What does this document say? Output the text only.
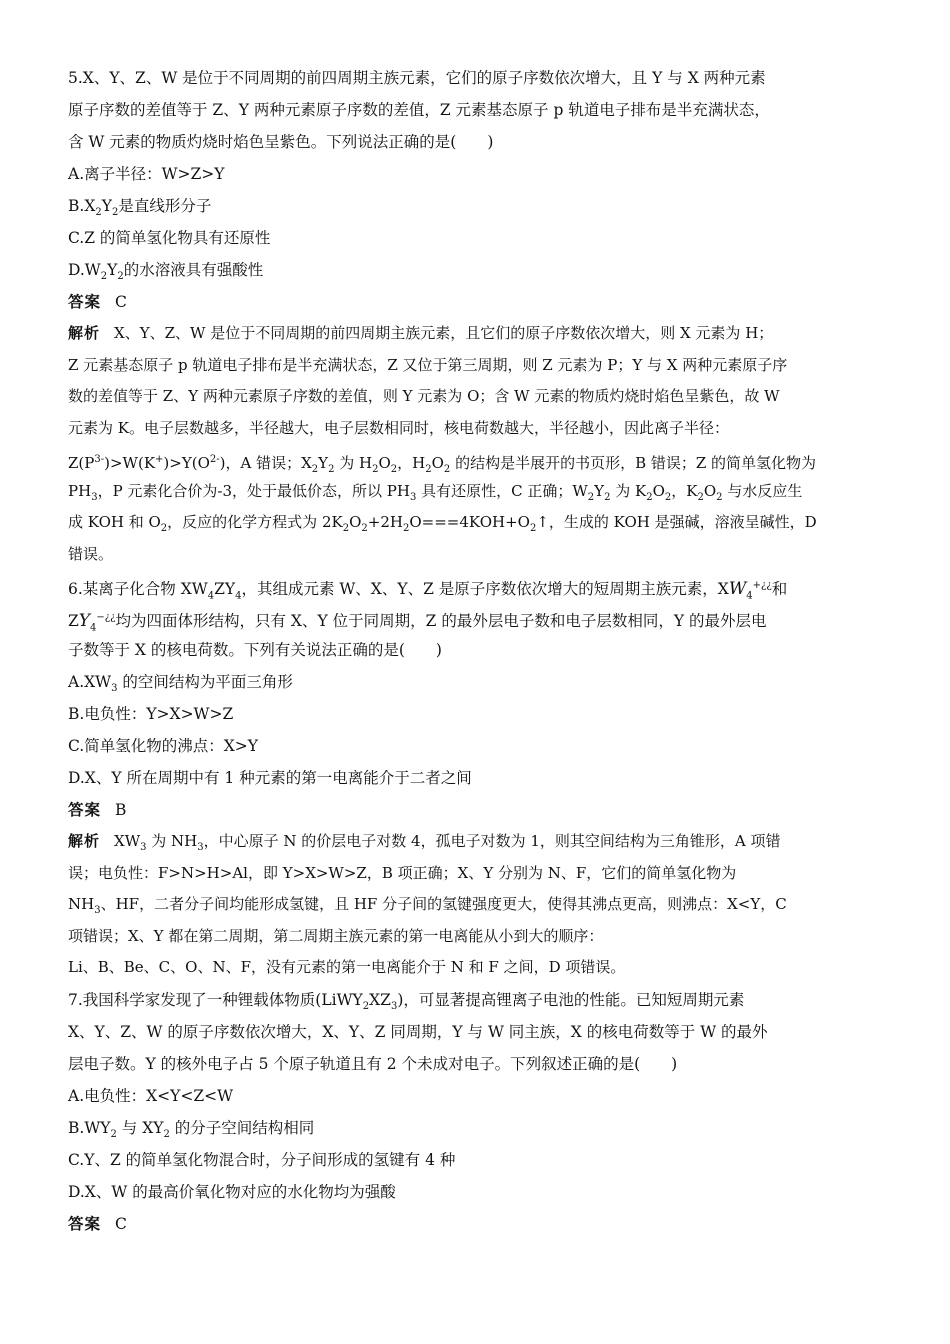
5.X、Y、Z、W 是位于不同周期的前四周期主族元素，它们的原子序数依次增大，且 Y 与 X 两种元素
原子序数的差值等于 Z、Y 两种元素原子序数的差值，Z 元素基态原子 p 轨道电子排布是半充满状态，
含 W 元素的物质灼烧时焰色呈紫色。下列说法正确的是(　　)
A.离子半径：W>Z>Y
$B.X_2Y_2$是直线形分子
C.Z 的简单氢化物具有还原性
$D.W_2Y_2$的水溶液具有强酸性
答案 C
解析 X、Y、Z、W 是位于不同周期的前四周期主族元素，且它们的原子序数依次增大，则 X 元素为 H；
Z 元素基态原子 p 轨道电子排布是半充满状态，Z 又位于第三周期，则 Z 元素为 P；Y 与 X 两种元素原子序
数的差值等于 Z、Y 两种元素原子序数的差值，则 Y 元素为 O；含 W 元素的物质灼烧时焰色呈紫色，故 W
元素为 K。电子层数越多，半径越大，电子层数相同时，核电荷数越大，半径越小，因此离子半径：
$Z(P^{3-})>W(K^+)>Y(O^{2-})$，A 错误；$X_2Y_2$ 为 $H_2O_2$，$H_2O_2$ 的结构是半展开的书页形，B 错误；Z 的简单氢化物为
$PH_3$，P 元素化合价为-3，处于最低价态，所以 $PH_3$ 具有还原性，C 正确；$W_2Y_2$ 为 $K_2O_2$，$K_2O_2$ 与水反应生
成 KOH 和 $O_2$，反应的化学方程式为 $2K_2O_2+2H_2O===4KOH+O_2↑$，生成的 KOH 是强碱，溶液呈碱性，D
错误。
6.某离子化合物 $XW_4ZY_4$，其组成元素 W、X、Y、Z 是原子序数依次增大的短周期主族元素，$XW_4^{+¿¿}$和
$ZY_4^{-¿¿}$均为四面体形结构，只有 X、Y 位于同周期，Z 的最外层电子数和电子层数相同，Y 的最外层电
子数等于 X 的核电荷数。下列有关说法正确的是(　　)
$A.XW_3$ 的空间结构为平面三角形
B.电负性：Y>X>W>Z
C.简单氢化物的沸点：X>Y
D.X、Y 所在周期中有 1 种元素的第一电离能介于二者之间
答案 B
解析 $XW_3$ 为 $NH_3$，中心原子 N 的价层电子对数 4，孤电子对数为 1，则其空间结构为三角锥形，A 项错
误；电负性：F>N>H>Al，即 Y>X>W>Z，B 项正确；X、Y 分别为 N、F，它们的简单氢化物为
$NH_3$、HF，二者分子间均能形成氢键，且 HF 分子间的氢键强度更大，使得其沸点更高，则沸点：X<Y，C
项错误；X、Y 都在第二周期，第二周期主族元素的第一电离能从小到大的顺序：
Li、B、Be、C、O、N、F，没有元素的第一电离能介于 N 和 F 之间，D 项错误。
7.我国科学家发现了一种锂载体物质$(LiWY_2XZ_3)$，可显著提高锂离子电池的性能。已知短周期元素
X、Y、Z、W 的原子序数依次增大，X、Y、Z 同周期，Y 与 W 同主族，X 的核电荷数等于 W 的最外
层电子数。Y 的核外电子占 5 个原子轨道且有 2 个未成对电子。下列叙述正确的是(　　)
A.电负性：X<Y<Z<W
$B.WY_2$ 与 $XY_2$ 的分子空间结构相同
C.Y、Z 的简单氢化物混合时，分子间形成的氢键有 4 种
D.X、W 的最高价氧化物对应的水化物均为强酸
答案 C
